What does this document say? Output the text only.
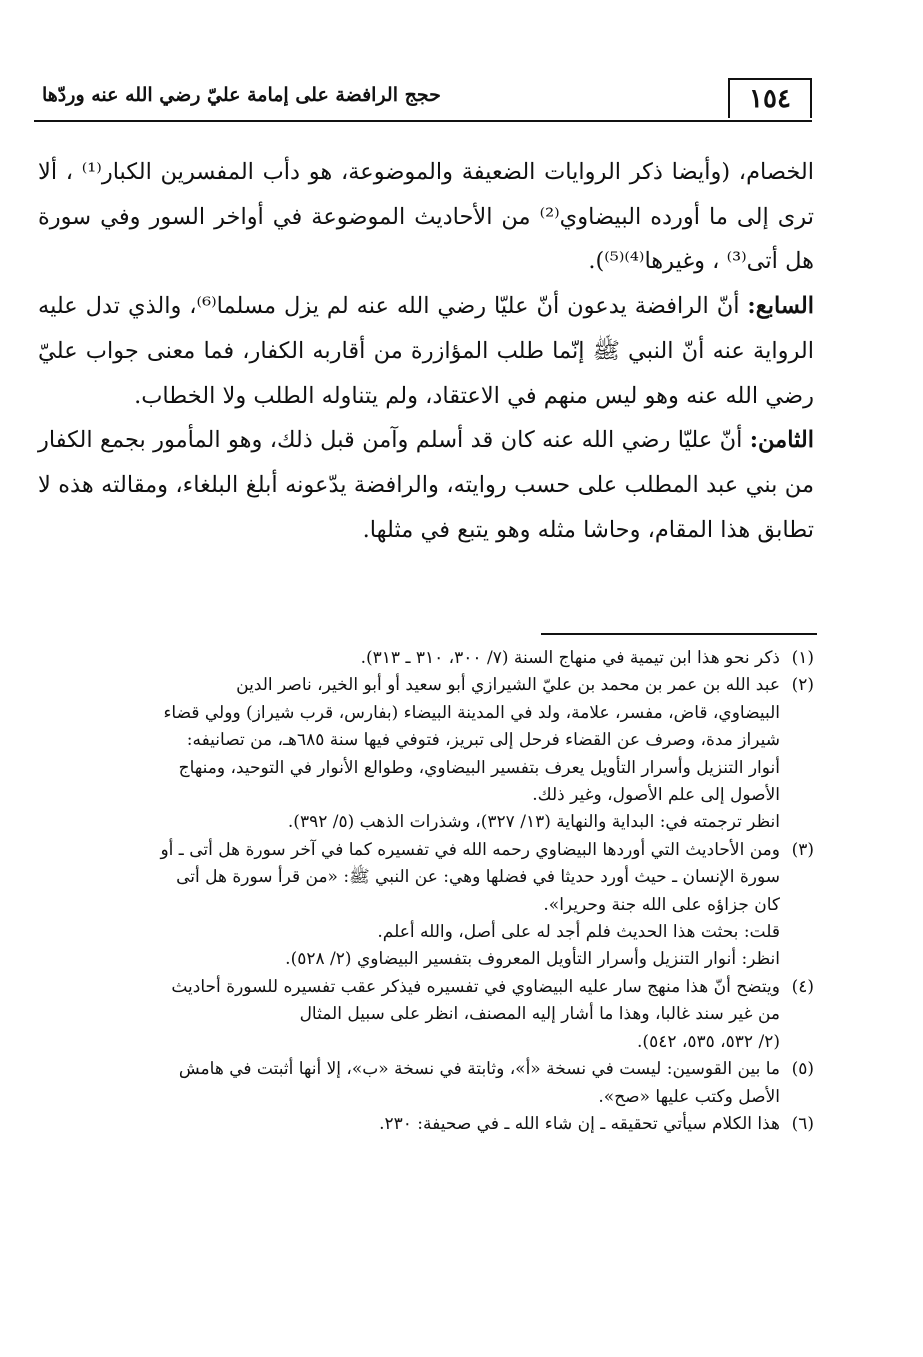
١٥٤
حجج الرافضة على إمامة عليّ رضي الله عنه وردّها

الخصام، (وأيضا ذكر الروايات الضعيفة والموضوعة، هو دأب المفسرين الكبار⁽¹⁾ ، ألا ترى إلى ما أورده البيضاوي⁽²⁾ من الأحاديث الموضوعة في أواخر السور وفي سورة هل أتى⁽³⁾ ، وغيرها⁽⁴⁾⁽⁵⁾).

السابع: أنّ الرافضة يدعون أنّ عليّا رضي الله عنه لم يزل مسلما⁽⁶⁾، والذي تدل عليه الرواية عنه أنّ النبي ﷺ إنّما طلب المؤازرة من أقاربه الكفار، فما معنى جواب عليّ رضي الله عنه وهو ليس منهم في الاعتقاد، ولم يتناوله الطلب ولا الخطاب.

الثامن: أنّ عليّا رضي الله عنه كان قد أسلم وآمن قبل ذلك، وهو المأمور بجمع الكفار من بني عبد المطلب على حسب روايته، والرافضة يدّعونه أبلغ البلغاء، ومقالته هذه لا تطابق هذا المقام، وحاشا مثله وهو يتبع في مثلها.

(١)
ذكر نحو هذا ابن تيمية في منهاج السنة (٧/ ٣٠٠، ٣١٠ ـ ٣١٣).
(٢)
عبد الله بن عمر بن محمد بن عليّ الشيرازي أبو سعيد أو أبو الخير، ناصر الدين
البيضاوي، قاض، مفسر، علامة، ولد في المدينة البيضاء (بفارس، قرب شيراز) وولي قضاء
شيراز مدة، وصرف عن القضاء فرحل إلى تبريز، فتوفي فيها سنة ٦٨٥هـ، من تصانيفه:
أنوار التنزيل وأسرار التأويل يعرف بتفسير البيضاوي، وطوالع الأنوار في التوحيد، ومنهاج
الأصول إلى علم الأصول، وغير ذلك.
انظر ترجمته في: البداية والنهاية (١٣/ ٣٢٧)، وشذرات الذهب (٥/ ٣٩٢).
(٣)
ومن الأحاديث التي أوردها البيضاوي رحمه الله في تفسيره كما في آخر سورة هل أتى ـ أو
سورة الإنسان ـ حيث أورد حديثا في فضلها وهي: عن النبي ﷺ: «من قرأ سورة هل أتى
كان جزاؤه على الله جنة وحريرا».
قلت: بحثت هذا الحديث فلم أجد له على أصل، والله أعلم.
انظر: أنوار التنزيل وأسرار التأويل المعروف بتفسير البيضاوي (٢/ ٥٢٨).
(٤)
ويتضح أنّ هذا منهج سار عليه البيضاوي في تفسيره فيذكر عقب تفسيره للسورة أحاديث
من غير سند غالبا، وهذا ما أشار إليه المصنف، انظر على سبيل المثال
(٢/ ٥٣٢، ٥٣٥، ٥٤٢).
(٥)
ما بين القوسين: ليست في نسخة «أ»، وثابتة في نسخة «ب»، إلا أنها أثبتت في هامش
الأصل وكتب عليها «صح».
(٦)
هذا الكلام سيأتي تحقيقه ـ إن شاء الله ـ في صحيفة: ٢٣٠.
